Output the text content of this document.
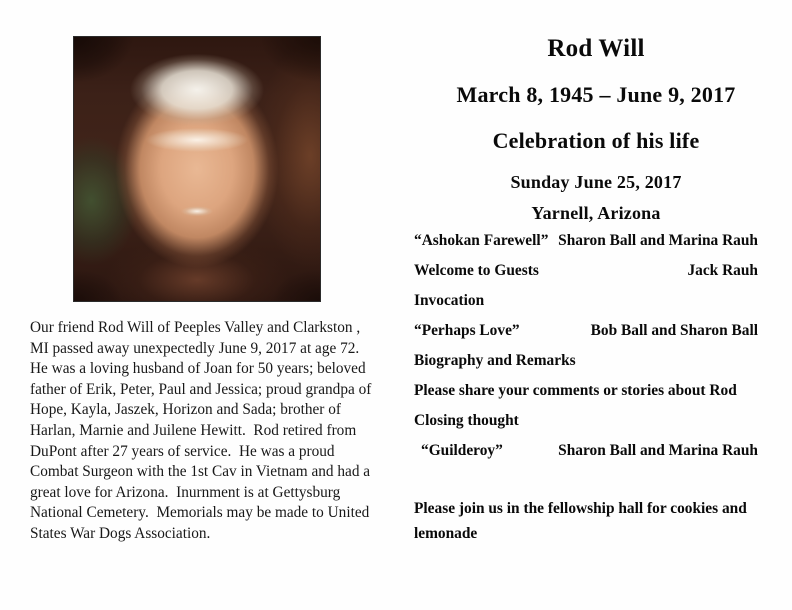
Our friend Rod Will of Peeples Valley and Clarkston , MI passed away unexpectedly June 9, 2017 at age 72.  He was a loving husband of Joan for 50 years; beloved father of Erik, Peter, Paul and Jessica; proud grandpa of Hope, Kayla, Jaszek, Horizon and Sada; brother of Harlan, Marnie and Juilene Hewitt.  Rod retired from DuPont after 27 years of service.  He was a proud Combat Surgeon with the 1st Cav in Vietnam and had a great love for Arizona.  Inurnment is at Gettysburg National Cemetery.  Memorials may be made to United States War Dogs Association.
Rod Will
March 8, 1945 – June 9, 2017
Celebration of his life
Sunday June 25, 2017
Yarnell, Arizona
“Ashokan Farewell” Sharon Ball and Marina Rauh
Welcome to Guests	Jack Rauh
Invocation
“Perhaps Love”	Bob Ball and Sharon Ball
Biography and Remarks
Please share your comments or stories about Rod
Closing thought
“Guilderoy”	Sharon Ball and Marina Rauh
Please join us in the fellowship hall for cookies and lemonade
